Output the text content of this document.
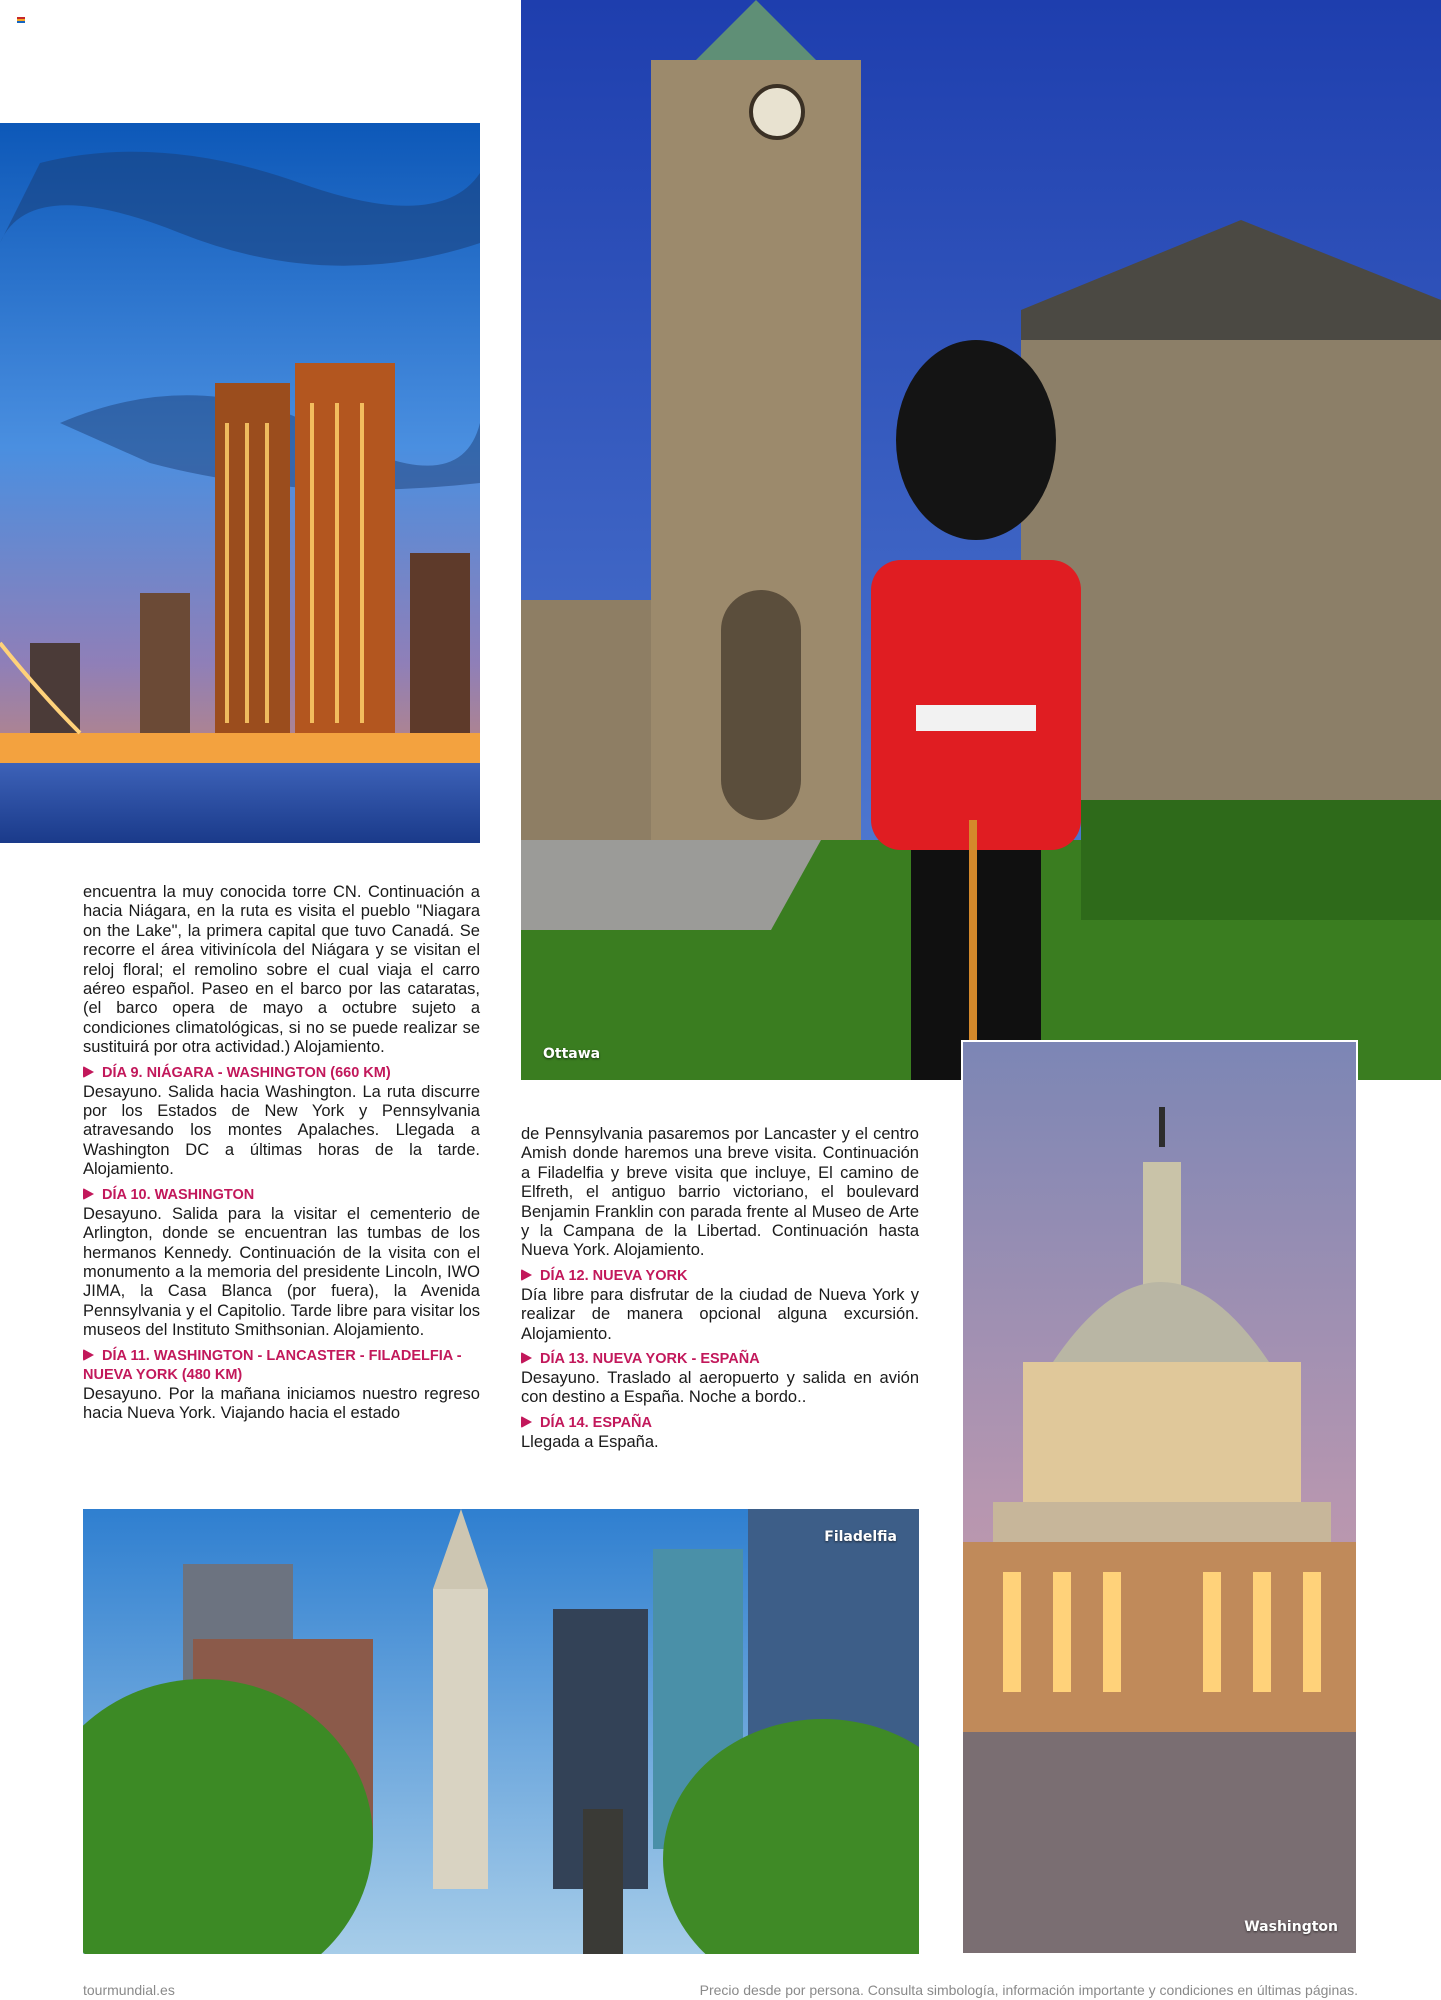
Ottawa
Washington
Filadelfia

encuentra la muy conocida torre CN. Continuación a hacia Niágara, en la ruta es visita el pueblo "Niagara on the Lake", la primera capital que tuvo Canadá. Se recorre el área vitivinícola del Niágara y se visitan el reloj floral; el remolino sobre el cual viaja el carro aéreo español. Paseo en el barco por las cataratas, (el barco opera de mayo a octubre sujeto a condiciones climatológicas, si no se puede realizar se sustituirá por otra actividad.) Alojamiento.

DÍA 9. NIÁGARA - WASHINGTON (660 KM)

Desayuno. Salida hacia Washington. La ruta discurre por los Estados de New York y Pennsylvania atravesando los montes Apalaches. Llegada a Washington DC a últimas horas de la tarde. Alojamiento.

DÍA 10. WASHINGTON

Desayuno. Salida para la visitar el cementerio de Arlington, donde se encuentran las tumbas de los hermanos Kennedy. Continuación de la visita con el monumento a la memoria del presidente Lincoln, IWO JIMA, la Casa Blanca (por fuera), la Avenida Pennsylvania y el Capitolio. Tarde libre para visitar los museos del Instituto Smithsonian. Alojamiento.

DÍA 11. WASHINGTON - LANCASTER - FILADELFIA - NUEVA YORK (480 KM)

Desayuno. Por la mañana iniciamos nuestro regreso hacia Nueva York. Viajando hacia el estado

de Pennsylvania pasaremos por Lancaster y el centro Amish donde haremos una breve visita. Continuación a Filadelfia y breve visita que incluye, El camino de Elfreth, el antiguo barrio victoriano, el boulevard Benjamin Franklin con parada frente al Museo de Arte y la Campana de la Libertad. Continuación hasta Nueva York. Alojamiento.

DÍA 12. NUEVA YORK

Día libre para disfrutar de la ciudad de Nueva York y realizar de manera opcional alguna excursión. Alojamiento.

DÍA 13. NUEVA YORK - ESPAÑA

Desayuno. Traslado al aeropuerto y salida en avión con destino a España. Noche a bordo..

DÍA 14. ESPAÑA

Llegada a España.

tourmundial.es	Precio desde por persona. Consulta simbología, información importante y condiciones en últimas páginas.
